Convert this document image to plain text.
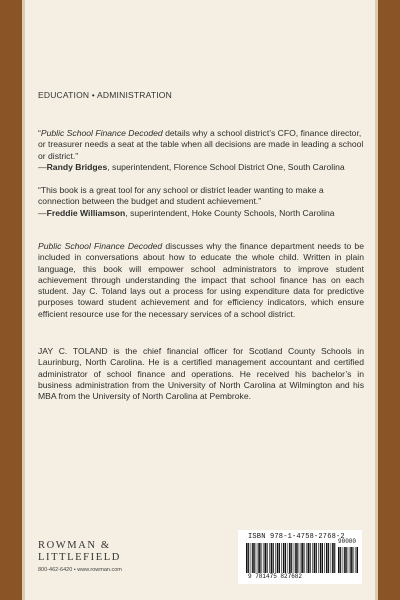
EDUCATION • ADMINISTRATION
“Public School Finance Decoded details why a school district’s CFO, finance director, or treasurer needs a seat at the table when all decisions are made in leading a school or district.”
—Randy Bridges, superintendent, Florence School District One, South Carolina
“This book is a great tool for any school or district leader wanting to make a connection between the budget and student achievement.”
—Freddie Williamson, superintendent, Hoke County Schools, North Carolina
Public School Finance Decoded discusses why the finance department needs to be included in conversations about how to educate the whole child. Written in plain language, this book will empower school administrators to improve student achievement through understanding the impact that school finance has on each student. Jay C. Toland lays out a process for using expenditure data for predictive purposes toward student achievement and for efficiency indicators, which ensure efficient resource use for the necessary services of a school district.
JAY C. TOLAND is the chief financial officer for Scotland County Schools in Laurinburg, North Carolina. He is a certified management accountant and certified administrator of school finance and operations. He received his bachelor’s in business administration from the University of North Carolina at Wilmington and his MBA from the University of North Carolina at Pembroke.
ROWMAN &
LITTLEFIELD
800-462-6420 • www.rowman.com
ISBN 978-1-4758-2768-2
90000
9 781475 827682
